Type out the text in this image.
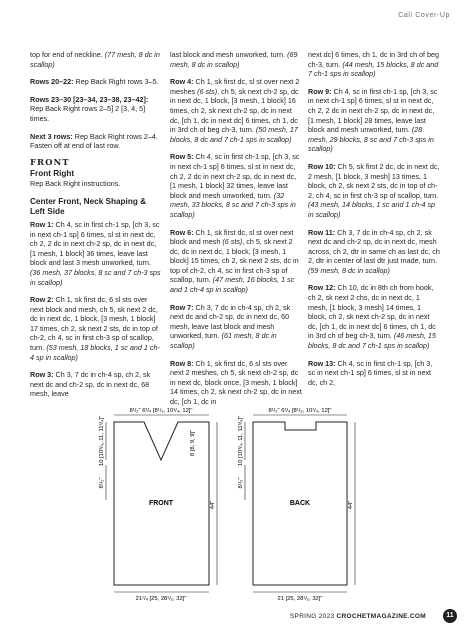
Cali Cover-Up

top for end of neckline. (77 mesh, 8 dc in scallop)

Rows 20–22: Rep Back Right rows 3–5.

Rows 23–30 [23–34, 23–38, 23–42]: Rep Back Right rows 2–5] 2 [3, 4, 5] times.

Next 3 rows: Rep Back Right rows 2–4. Fasten off at end of last row.

FRONT
Front Right

Rep Back Right instructions.

Center Front, Neck Shaping & Left Side

Row 1: Ch 4, sc in first ch-1 sp, [ch 3, sc in next ch-1 sp] 6 times, sl st in next dc, ch 2, 2 dc in next ch-2 sp, dc in next dc, [1 mesh, 1 block] 36 times, leave last block and last 3 mesh unworked, turn. (36 mesh, 37 blocks, 8 sc and 7 ch-3 sps in scallop)

Row 2: Ch 1, sk first dc, 6 sl sts over next block and mesh, ch 5, sk next 2 dc, dc in next dc, 1 block, [3 mesh, 1 block] 17 times, ch 2, sk next 2 sts, dc in top of ch-2, ch 4, sc in first ch-3 sp of scallop, turn. (53 mesh, 18 blocks, 1 sc and 1 ch-4 sp in scallop)

Row 3: Ch 3, 7 dc in ch-4 sp, ch 2, sk next dc and ch-2 sp, dc in next dc, 68 mesh, leave

last block and mesh unworked, turn. (69 mesh, 8 dc in scallop)

Row 4: Ch 1, sk first dc, sl st over next 2 meshes (6 sts), ch 5, sk next ch-2 sp, dc in next dc, 1 block, [3 mesh, 1 block] 16 times, ch 2, sk next ch-2 sp, dc in next dc, [ch 1, dc in next dc] 6 times, ch 1, dc in 3rd ch of beg ch-3, turn. (50 mesh, 17 blocks, 8 dc and 7 ch-1 sps in scallop)

Row 5: Ch 4, sc in first ch-1 sp, [ch 3, sc in next ch-1 sp] 6 times, sl st in next dc, ch 2, 2 dc in next ch-2 sp, dc in next dc, [1 mesh, 1 block] 32 times, leave last block and mesh unworked, turn. (32 mesh, 33 blocks, 8 sc and 7 ch-3 sps in scallop)

Row 6: Ch 1, sk first dc, sl st over next block and mesh (6 sts), ch 5, sk next 2 dc, dc in next dc, 1 block, [3 mesh, 1 block] 15 times, ch 2, sk next 2 sts, dc in top of ch-2, ch 4, sc in first ch-3 sp of scallop, turn. (47 mesh, 16 blocks, 1 sc and 1 ch-4 sp in scallop)

Row 7: Ch 3, 7 dc in ch-4 sp, ch 2, sk next dc and ch-2 sp, dc in next dc, 60 mesh, leave last block and mesh unworked, turn. (61 mesh, 8 dc in scallop)

Row 8: Ch 1, sk first dc, 6 sl sts over next 2 meshes, ch 5, sk next ch-2 sp, dc in next dc, block once, [3 mesh, 1 block] 14 times, ch 2, sk next ch-2 sp, dc in next dc, [ch 1, dc in

next dc] 6 times, ch 1, dc in 3rd ch of beg ch-3, turn. (44 mesh, 15 blocks, 8 dc and 7 ch-1 sps in scallop)

Row 9: Ch 4, sc in first ch-1 sp, [ch 3, sc in next ch-1 sp] 6 times, sl st in next dc, ch 2, 2 dc in next ch-2 sp, dc in next dc, [1 mesh, 1 block] 28 times, leave last block and mesh unworked, turn. (28 mesh, 29 blocks, 8 sc and 7 ch-3 sps in scallop)

Row 10: Ch 5, sk first 2 dc, dc in next dc, 2 mesh, [1 block, 3 mesh] 13 times, 1 block, ch 2, sk next 2 sts, dc in top of ch-2, ch 4, sc in first ch-3 sp of scallop, turn. (43 mesh, 14 blocks, 1 sc and 1 ch-4 sp in scallop)

Row 11: Ch 3, 7 dc in ch-4 sp, ch 2, sk next dc and ch-2 sp, dc in next dc, mesh across, ch 2, dtr in same ch as last dc, ch 2, dtr in center of last dtr just made, turn. (59 mesh, 8 dc in scallop)

Row 12: Ch 10, dc in 8th ch from hook, ch 2, sk next 2 chs, dc in next dc, 1 mesh, [1 block, 3 mesh] 14 times, 1 block, ch 2, sk next ch-2 sp, dc in next dc, [ch 1, dc in next dc] 6 times, ch 1, dc in 3rd ch of beg ch-3, turn. (46 mesh, 15 blocks, 8 dc and 7 ch-1 sps in scallop)

Row 13: Ch 4, sc in first ch-1 sp, [ch 3, sc in next ch-1 sp] 6 times, sl st in next dc, ch 2,

FRONT
8¹/₂" 6³/₄ [8¹/₂, 10¹/₄, 12]"
8 [8, 9, 9]"
10 [10³/₄, 11, 11³/₄]"
8¹/₂"
44"
21¹/₄ [25, 28¹/₂, 32]"
BACK
8¹/₂" 6³/₄ [8¹/₂, 10¹/₄, 12]"
10 [10³/₄, 11, 11³/₄]"
8¹/₂"
44"
21 [25, 28¹/₂, 32]"
SPRING 2023 CROCHETMAGAZINE.COM	11
